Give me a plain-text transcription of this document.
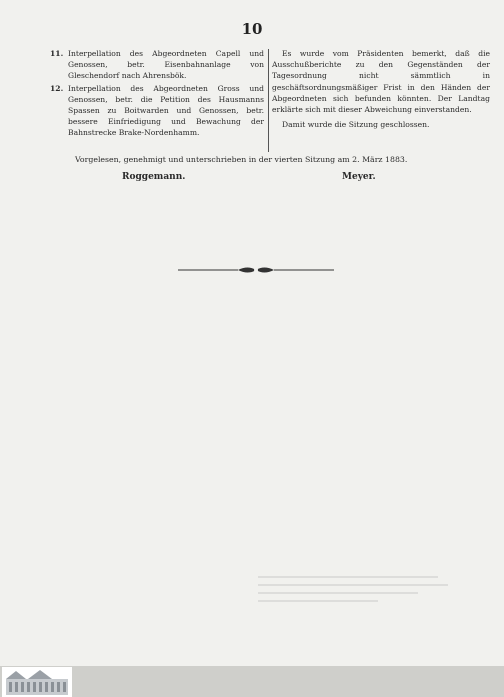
10
11. Interpellation des Abgeordneten Capell und Genossen, betr. Eisenbahnanlage von Gleschendorf nach Ahrensbök.
12. Interpellation des Abgeordneten Gross und Genossen, betr. die Petition des Hausmanns Spassen zu Boitwarden und Genossen, betr. bessere Einfriedigung und Bewachung der Bahnstrecke Brake-Nordenhamm.

Es wurde vom Präsidenten bemerkt, daß die Ausschußberichte zu den Gegenständen der Tagesordnung nicht sämmtlich in geschäftsordnungsmäßiger Frist in den Händen der Abgeordneten sich befunden könnten. Der Landtag erklärte sich mit dieser Abweichung einverstanden.

Damit wurde die Sitzung geschlossen.

Vorgelesen, genehmigt und unterschrieben in der vierten Sitzung am 2. März 1883.
Roggemann.	Meyer.
